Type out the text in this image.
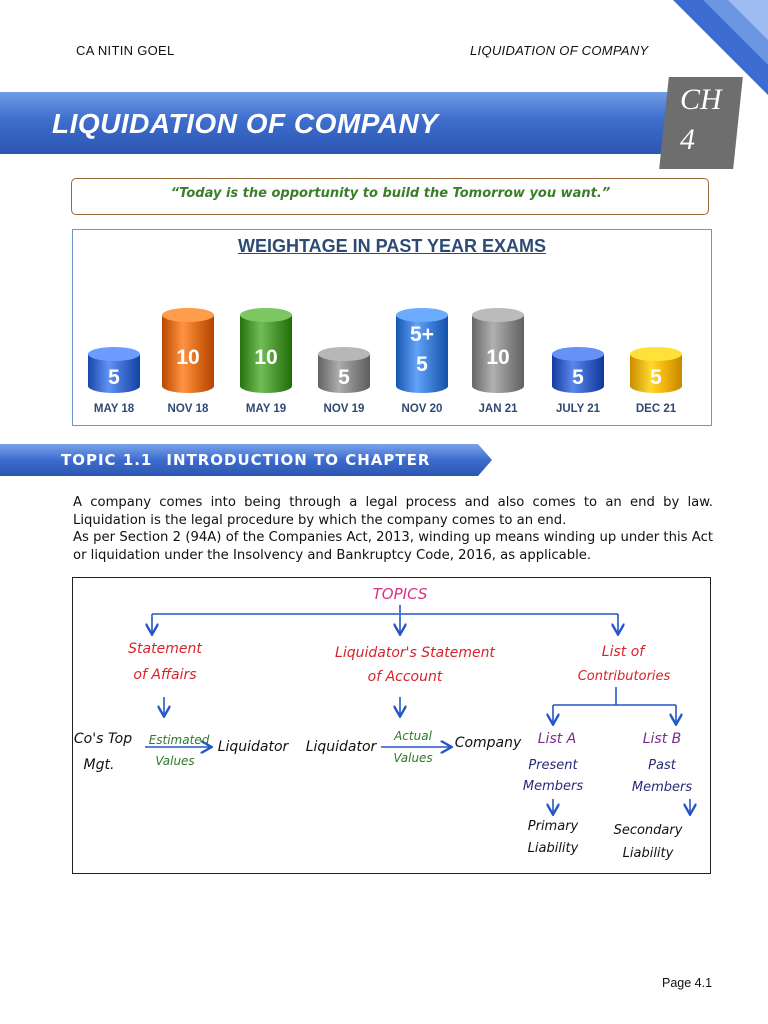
CA NITIN GOEL	LIQUIDATION OF COMPANY
LIQUIDATION OF COMPANY
CH
4
“Today is the opportunity to build the Tomorrow you want.”
WEIGHTAGE IN PAST YEAR EXAMS
5
MAY 18
10
NOV 18
10
MAY 19
5
NOV 19
5+
5
NOV 20
10
JAN 21
5
JULY 21
5
DEC 21
TOPIC 1.1 INTRODUCTION TO CHAPTER

A company comes into being through a legal process and also comes to an end by law. Liquidation is the legal procedure by which the company comes to an end.

As per Section 2 (94A) of the Companies Act, 2013, winding up means winding up under this Act or liquidation under the Insolvency and Bankruptcy Code, 2016, as applicable.

TOPICS
Statement
of Affairs
Liquidator's Statement
of Account
List of
Contributories
Co's Top
Mgt.
Estimated
Values
Liquidator	Liquidator
Actual
Values
Company	List A	List B
Present
Members
Past
Members
Primary
Liability
Secondary
Liability
Page 4.1
